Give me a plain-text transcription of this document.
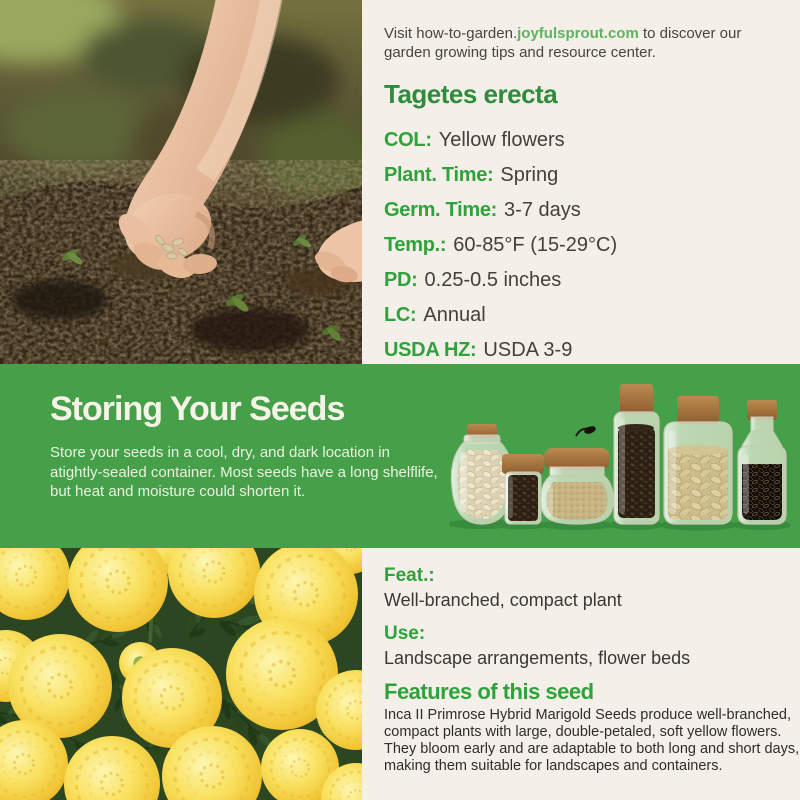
Visit how-to-garden.joyfulsprout.com to discover our garden growing tips and resource center.

Tagetes erecta
COL: Yellow flowers
Plant. Time: Spring
Germ. Time: 3-7 days
Temp.: 60-85°F (15-29°C)
PD: 0.25-0.5 inches
LC: Annual
USDA HZ: USDA 3-9
Storing Your Seeds

Store your seeds in a cool, dry, and dark location in atightly-sealed container. Most seeds have a long shelflife, but heat and moisture could shorten it.

Feat.:

Well-branched, compact plant

Use:

Landscape arrangements, flower beds

Features of this seed

Inca II Primrose Hybrid Marigold Seeds produce well-branched, compact plants with large, double-petaled, soft yellow flowers. They bloom early and are adaptable to both long and short days, making them suitable for landscapes and containers.
